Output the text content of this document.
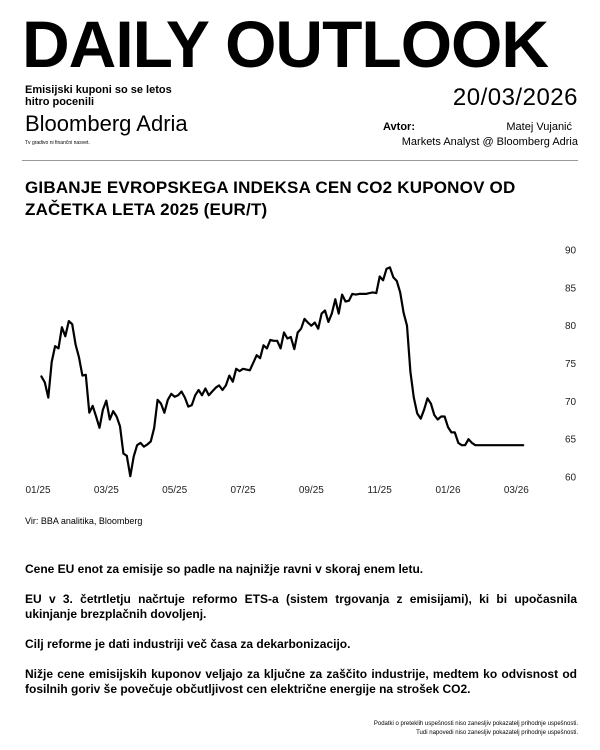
DAILY OUTLOOK
Emisijski kuponi so se letos hitro pocenili	20/03/2026
Bloomberg Adria
Tv gradivo ni finančni nasvet.
Avtor:	Matej Vujanić
Markets Analyst @ Bloomberg Adria
GIBANJE EVROPSKEGA INDEKSA CEN CO2 KUPONOV OD ZAČETKA LETA 2025 (EUR/T)
90
85
80
75
70
65
60
01/25	03/25	05/25	07/25	09/25	11/25	01/26	03/26
Vir: BBA analitika, Bloomberg

Cene EU enot za emisije so padle na najnižje ravni v skoraj enem letu.

EU v 3. četrtletju načrtuje reformo ETS-a (sistem trgovanja z emisijami), ki bi upočasnila ukinjanje brezplačnih dovoljenj.

Cilj reforme je dati industriji več časa za dekarbonizacijo.

Nižje cene emisijskih kuponov veljajo za ključne za zaščito industrije, medtem ko odvisnost od fosilnih goriv še povečuje občutljivost cen električne energije na strošek CO2.

Podatki o preteklih uspešnosti niso zanesljiv pokazatelj prihodnje uspešnosti.
Tudi napovedi niso zanesljiv pokazatelj prihodnje uspešnosti.
